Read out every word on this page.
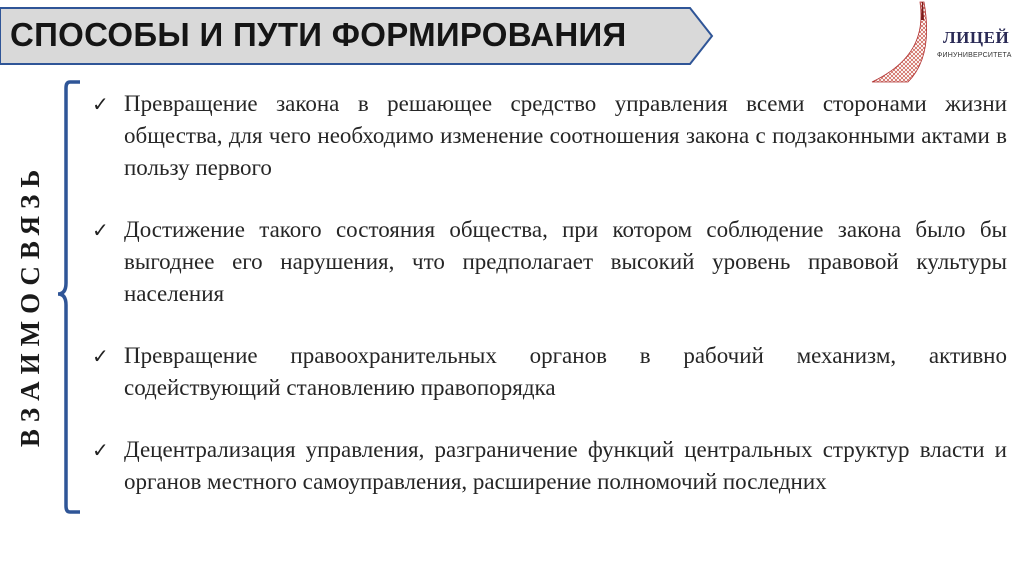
СПОСОБЫ И ПУТИ ФОРМИРОВАНИЯ	ЛИЦЕЙ
ФИНУНИВЕРСИТЕТА
ВЗАИМОСВЯЗЬ
✓ Превращение закона в решающее средство управления всеми сторонами жизни общества, для чего необходимо изменение соотношения закона с подзаконными актами в пользу первого
✓ Достижение такого состояния общества, при котором соблюдение закона было бы выгоднее его нарушения, что предполагает высокий уровень правовой культуры населения
✓ Превращение правоохранительных органов в рабочий механизм, активно содействующий становлению правопорядка
✓ Децентрализация управления, разграничение функций центральных структур власти и органов местного самоуправления, расширение полномочий последних
